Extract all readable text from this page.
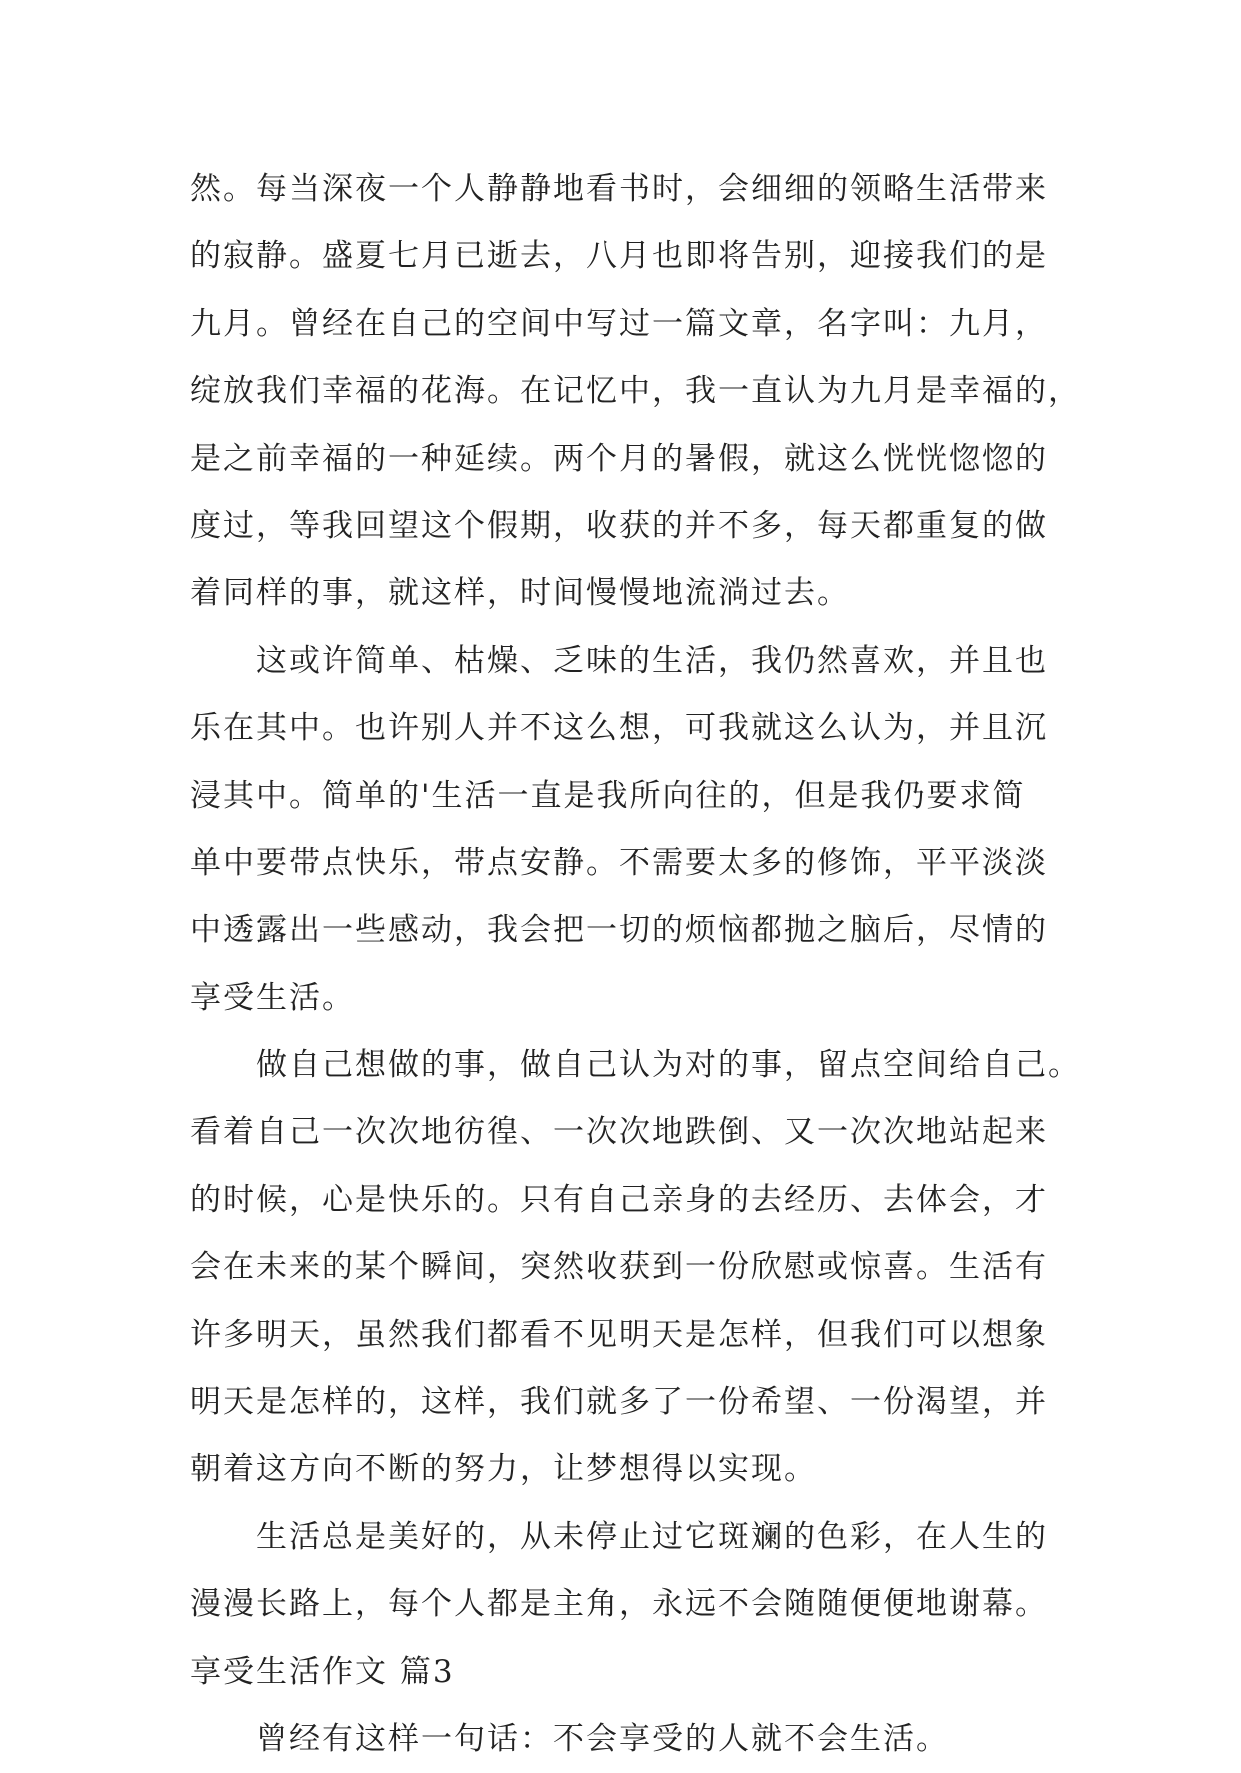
然。每当深夜一个人静静地看书时，会细细的领略生活带来
的寂静。盛夏七月已逝去，八月也即将告别，迎接我们的是
九月。曾经在自己的空间中写过一篇文章，名字叫：九月，
绽放我们幸福的花海。在记忆中，我一直认为九月是幸福的，
是之前幸福的一种延续。两个月的暑假，就这么恍恍惚惚的
度过，等我回望这个假期，收获的并不多，每天都重复的做
着同样的事，就这样，时间慢慢地流淌过去。
这或许简单、枯燥、乏味的生活，我仍然喜欢，并且也
乐在其中。也许别人并不这么想，可我就这么认为，并且沉
浸其中。简单的'生活一直是我所向往的，但是我仍要求简
单中要带点快乐，带点安静。不需要太多的修饰，平平淡淡
中透露出一些感动，我会把一切的烦恼都抛之脑后，尽情的
享受生活。
做自己想做的事，做自己认为对的事，留点空间给自己。
看着自己一次次地彷徨、一次次地跌倒、又一次次地站起来
的时候，心是快乐的。只有自己亲身的去经历、去体会，才
会在未来的某个瞬间，突然收获到一份欣慰或惊喜。生活有
许多明天，虽然我们都看不见明天是怎样，但我们可以想象
明天是怎样的，这样，我们就多了一份希望、一份渴望，并
朝着这方向不断的努力，让梦想得以实现。
生活总是美好的，从未停止过它斑斓的色彩，在人生的
漫漫长路上，每个人都是主角，永远不会随随便便地谢幕。
享受生活作文 篇3
曾经有这样一句话：不会享受的人就不会生活。
